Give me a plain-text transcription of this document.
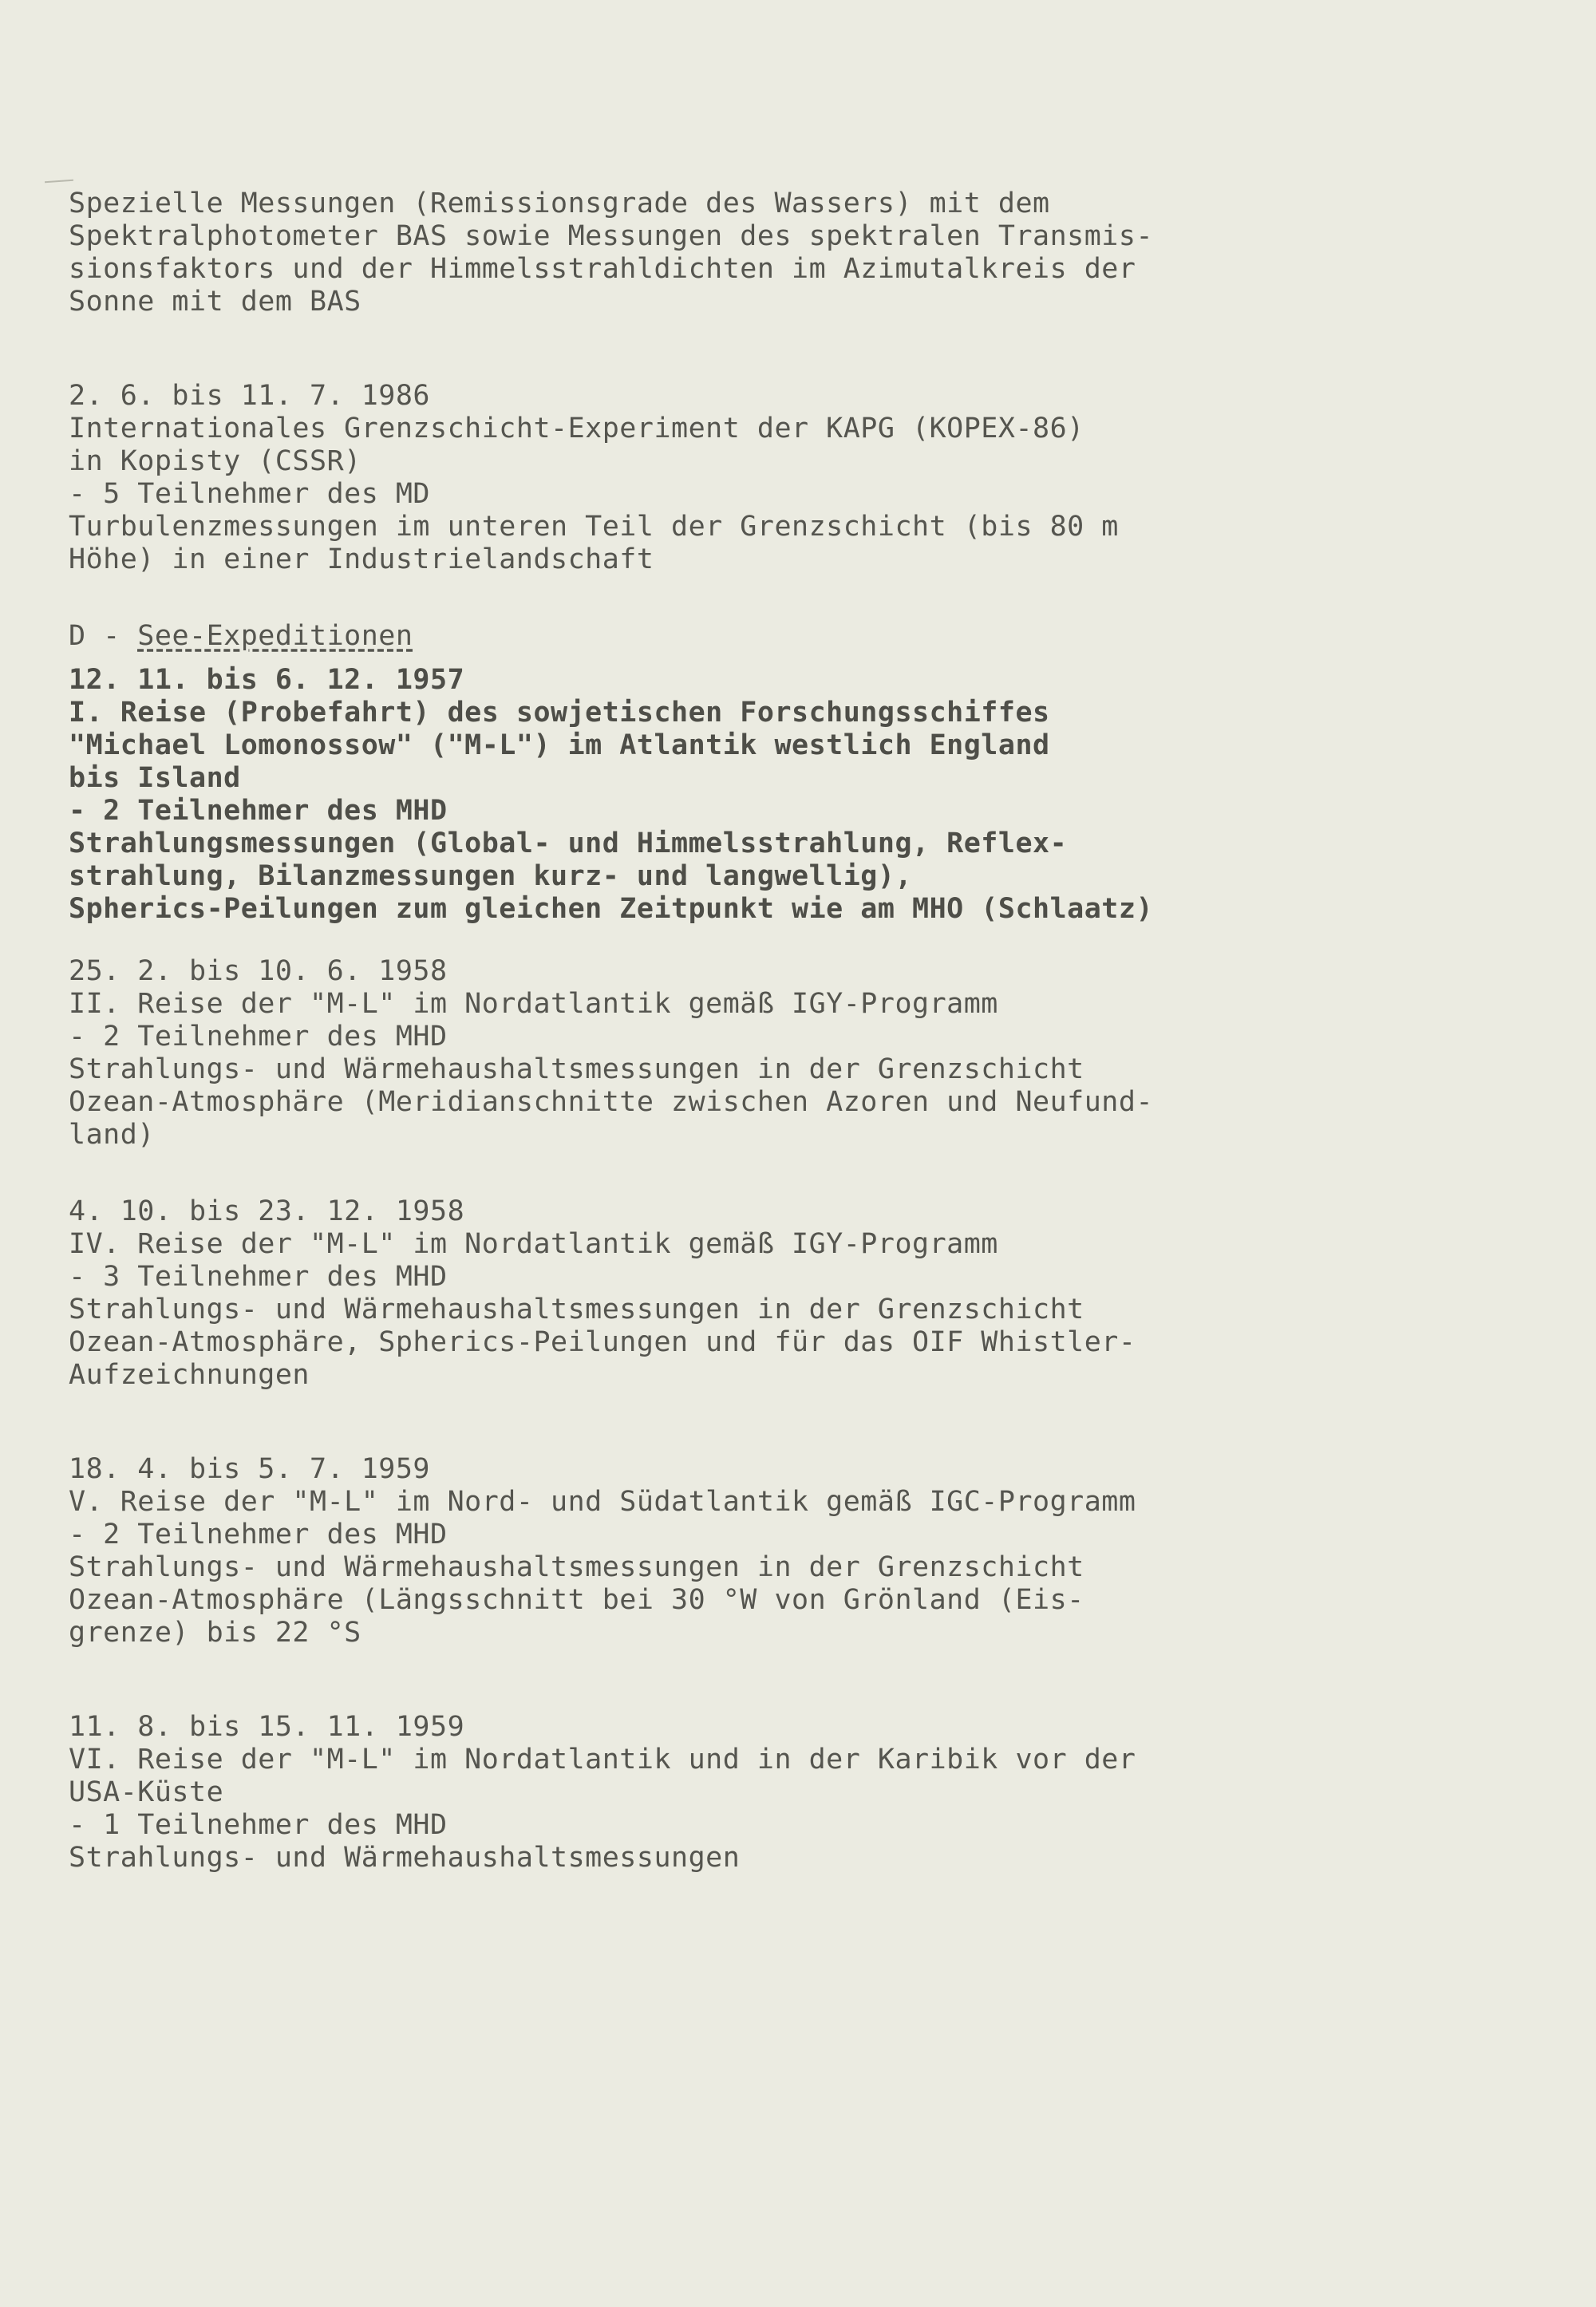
Spezielle Messungen (Remissionsgrade des Wassers) mit dem
Spektralphotometer BAS sowie Messungen des spektralen Transmis-
sionsfaktors und der Himmelsstrahldichten im Azimutalkreis der
Sonne mit dem BAS
2. 6. bis 11. 7. 1986
Internationales Grenzschicht-Experiment der KAPG (KOPEX-86)
in Kopisty (CSSR)
- 5 Teilnehmer des MD
Turbulenzmessungen im unteren Teil der Grenzschicht (bis 80 m
Höhe) in einer Industrielandschaft
D - See-Expeditionen
12. 11. bis 6. 12. 1957
I. Reise (Probefahrt) des sowjetischen Forschungsschiffes
"Michael Lomonossow" ("M-L") im Atlantik westlich England
bis Island
- 2 Teilnehmer des MHD
Strahlungsmessungen (Global- und Himmelsstrahlung, Reflex-
strahlung, Bilanzmessungen kurz- und langwellig),
Spherics-Peilungen zum gleichen Zeitpunkt wie am MHO (Schlaatz)
25. 2. bis 10. 6. 1958
II. Reise der "M-L" im Nordatlantik gemäß IGY-Programm
- 2 Teilnehmer des MHD
Strahlungs- und Wärmehaushaltsmessungen in der Grenzschicht
Ozean-Atmosphäre (Meridianschnitte zwischen Azoren und Neufund-
land)
4. 10. bis 23. 12. 1958
IV. Reise der "M-L" im Nordatlantik gemäß IGY-Programm
- 3 Teilnehmer des MHD
Strahlungs- und Wärmehaushaltsmessungen in der Grenzschicht
Ozean-Atmosphäre, Spherics-Peilungen und für das OIF Whistler-
Aufzeichnungen
18. 4. bis 5. 7. 1959
V. Reise der "M-L" im Nord- und Südatlantik gemäß IGC-Programm
- 2 Teilnehmer des MHD
Strahlungs- und Wärmehaushaltsmessungen in der Grenzschicht
Ozean-Atmosphäre (Längsschnitt bei 30 °W von Grönland (Eis-
grenze) bis 22 °S
11. 8. bis 15. 11. 1959
VI. Reise der "M-L" im Nordatlantik und in der Karibik vor der
USA-Küste
- 1 Teilnehmer des MHD
Strahlungs- und Wärmehaushaltsmessungen
